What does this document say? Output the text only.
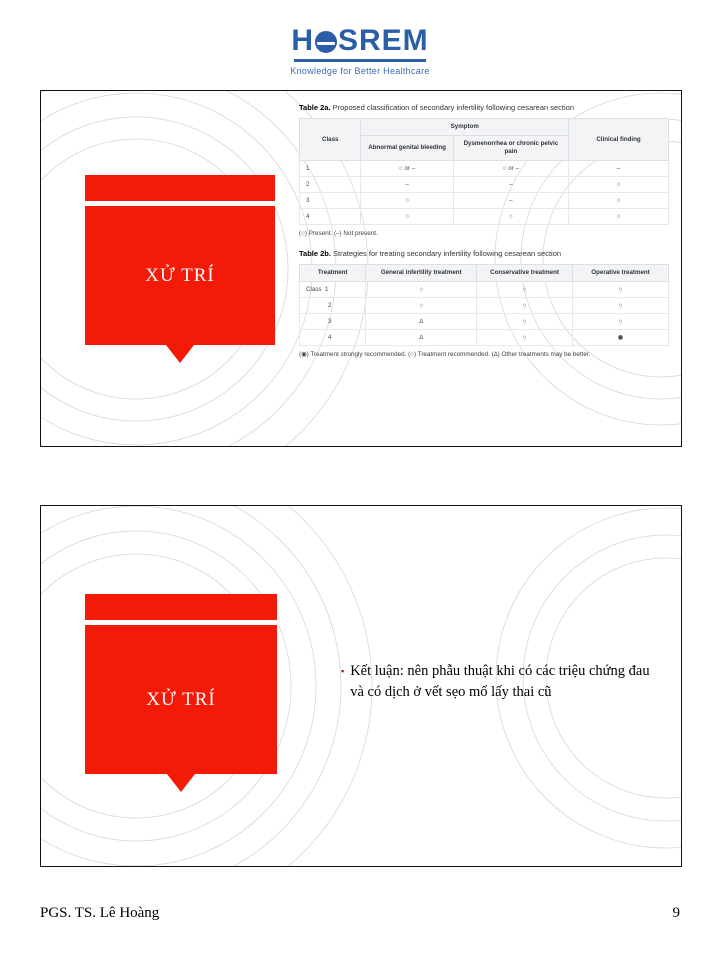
H SREM
Knowledge for Better Healthcare
XỬ TRÍ
Table 2a. Proposed classification of secondary infertility following cesarean section
Class	Symptom		Clinical finding
	Abnormal genital bleeding	Dysmenorrhea or chronic pelvic pain	
1	○ or –	○ or –	–
2	–	–	○
3	○	–	○
4	○	○	○
(○) Present. (–) Not present.
Table 2b. Strategies for treating secondary infertility following cesarean section
Treatment	General infertility treatment	Conservative treatment	Operative treatment
Class 1	○	○	○
2	○	○	○
3	∆	○	○
4	∆	○	◉
(◉) Treatment strongly recommended. (○) Treatment recommended. (∆) Other treatments may be better.
XỬ TRÍ
▪ Kết luận: nên phẫu thuật khi có các triệu chứng đau và có dịch ở vết sẹo mổ lấy thai cũ
PGS. TS. Lê Hoàng	9
